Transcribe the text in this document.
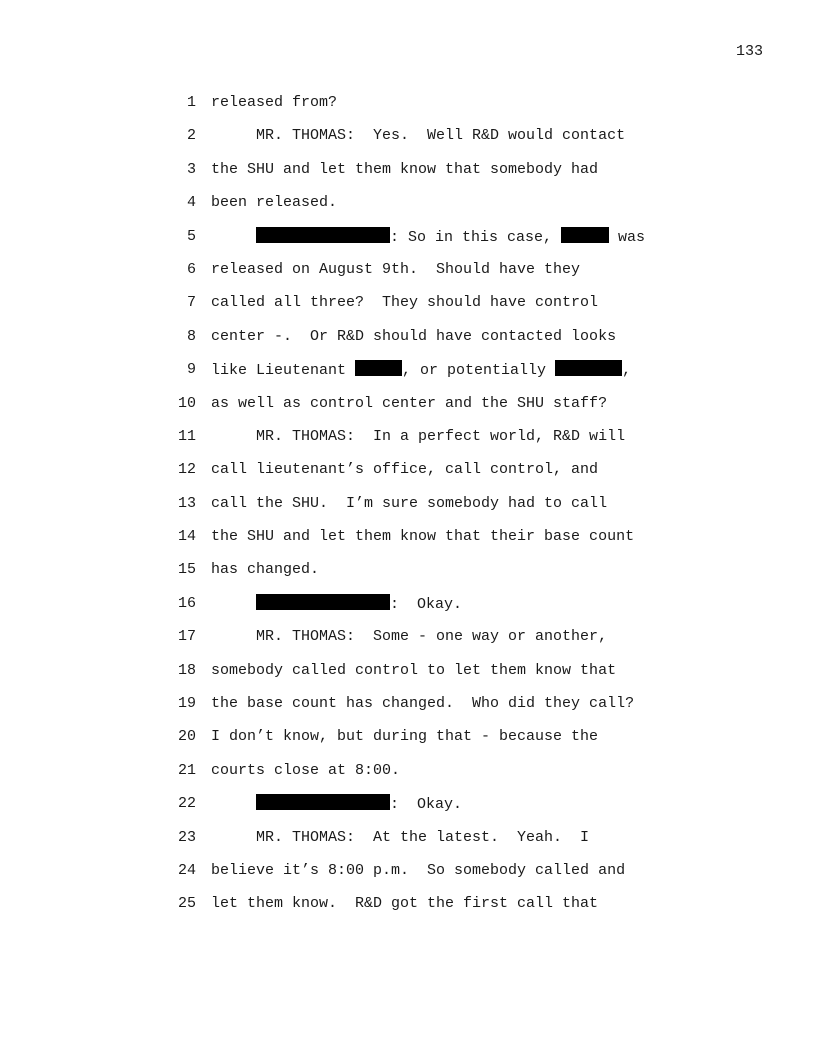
133
1 released from?
2 MR. THOMAS:  Yes.  Well R&D would contact
3 the SHU and let them know that somebody had
4 been released.
5	: So in this case,	was
6 released on August 9th.  Should have they
7 called all three?  They should have control
8 center -.  Or R&D should have contacted looks
9 like Lieutenant	, or potentially	,
10 as well as control center and the SHU staff?
11 MR. THOMAS:  In a perfect world, R&D will
12 call lieutenant’s office, call control, and
13 call the SHU.  I’m sure somebody had to call
14 the SHU and let them know that their base count
15 has changed.
16	:  Okay.
17 MR. THOMAS:  Some - one way or another,
18 somebody called control to let them know that
19 the base count has changed.  Who did they call?
20 I don’t know, but during that - because the
21 courts close at 8:00.
22	:  Okay.
23 MR. THOMAS:  At the latest.  Yeah.  I
24 believe it’s 8:00 p.m.  So somebody called and
25 let them know.  R&D got the first call that
